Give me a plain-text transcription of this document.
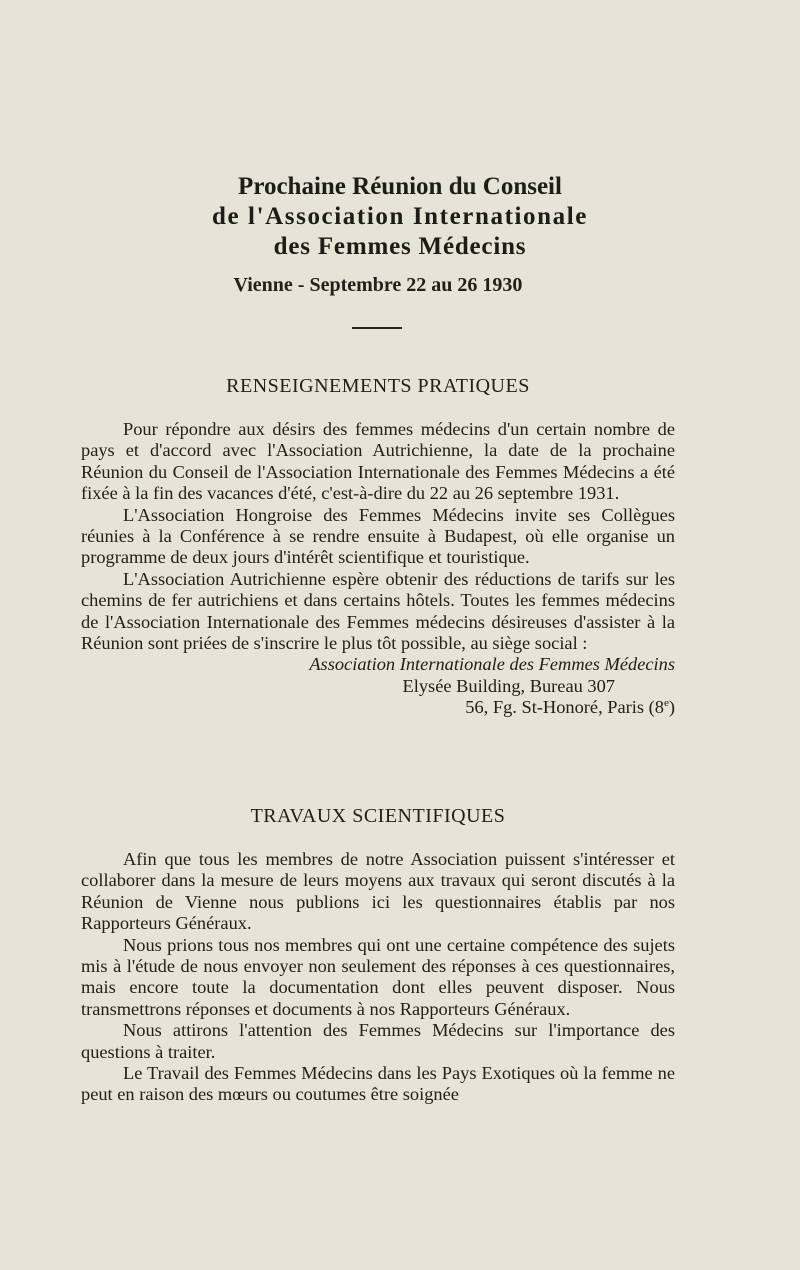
Prochaine Réunion du Conseil
de l'Association Internationale
des Femmes Médecins
Vienne - Septembre 22 au 26 1930
RENSEIGNEMENTS PRATIQUES

Pour répondre aux désirs des femmes médecins d'un certain nombre de pays et d'accord avec l'Association Autrichienne, la date de la prochaine Réunion du Conseil de l'Association Internationale des Femmes Médecins a été fixée à la fin des vacances d'été, c'est-à-dire du 22 au 26 septembre 1931.

L'Association Hongroise des Femmes Médecins invite ses Collègues réunies à la Conférence à se rendre ensuite à Budapest, où elle organise un programme de deux jours d'intérêt scientifique et touristique.

L'Association Autrichienne espère obtenir des réductions de tarifs sur les chemins de fer autrichiens et dans certains hôtels. Toutes les femmes médecins de l'Association Internationale des Femmes médecins désireuses d'assister à la Réunion sont priées de s'inscrire le plus tôt possible, au siège social :

Association Internationale des Femmes Médecins
Elysée Building, Bureau 307
56, Fg. St-Honoré, Paris (8e)
TRAVAUX SCIENTIFIQUES

Afin que tous les membres de notre Association puissent s'intéresser et collaborer dans la mesure de leurs moyens aux travaux qui seront discutés à la Réunion de Vienne nous publions ici les questionnaires établis par nos Rapporteurs Généraux.

Nous prions tous nos membres qui ont une certaine compétence des sujets mis à l'étude de nous envoyer non seulement des réponses à ces questionnaires, mais encore toute la documentation dont elles peuvent disposer. Nous transmettrons réponses et documents à nos Rapporteurs Généraux.

Nous attirons l'attention des Femmes Médecins sur l'importance des questions à traiter.

Le Travail des Femmes Médecins dans les Pays Exotiques où la femme ne peut en raison des mœurs ou coutumes être soignée
